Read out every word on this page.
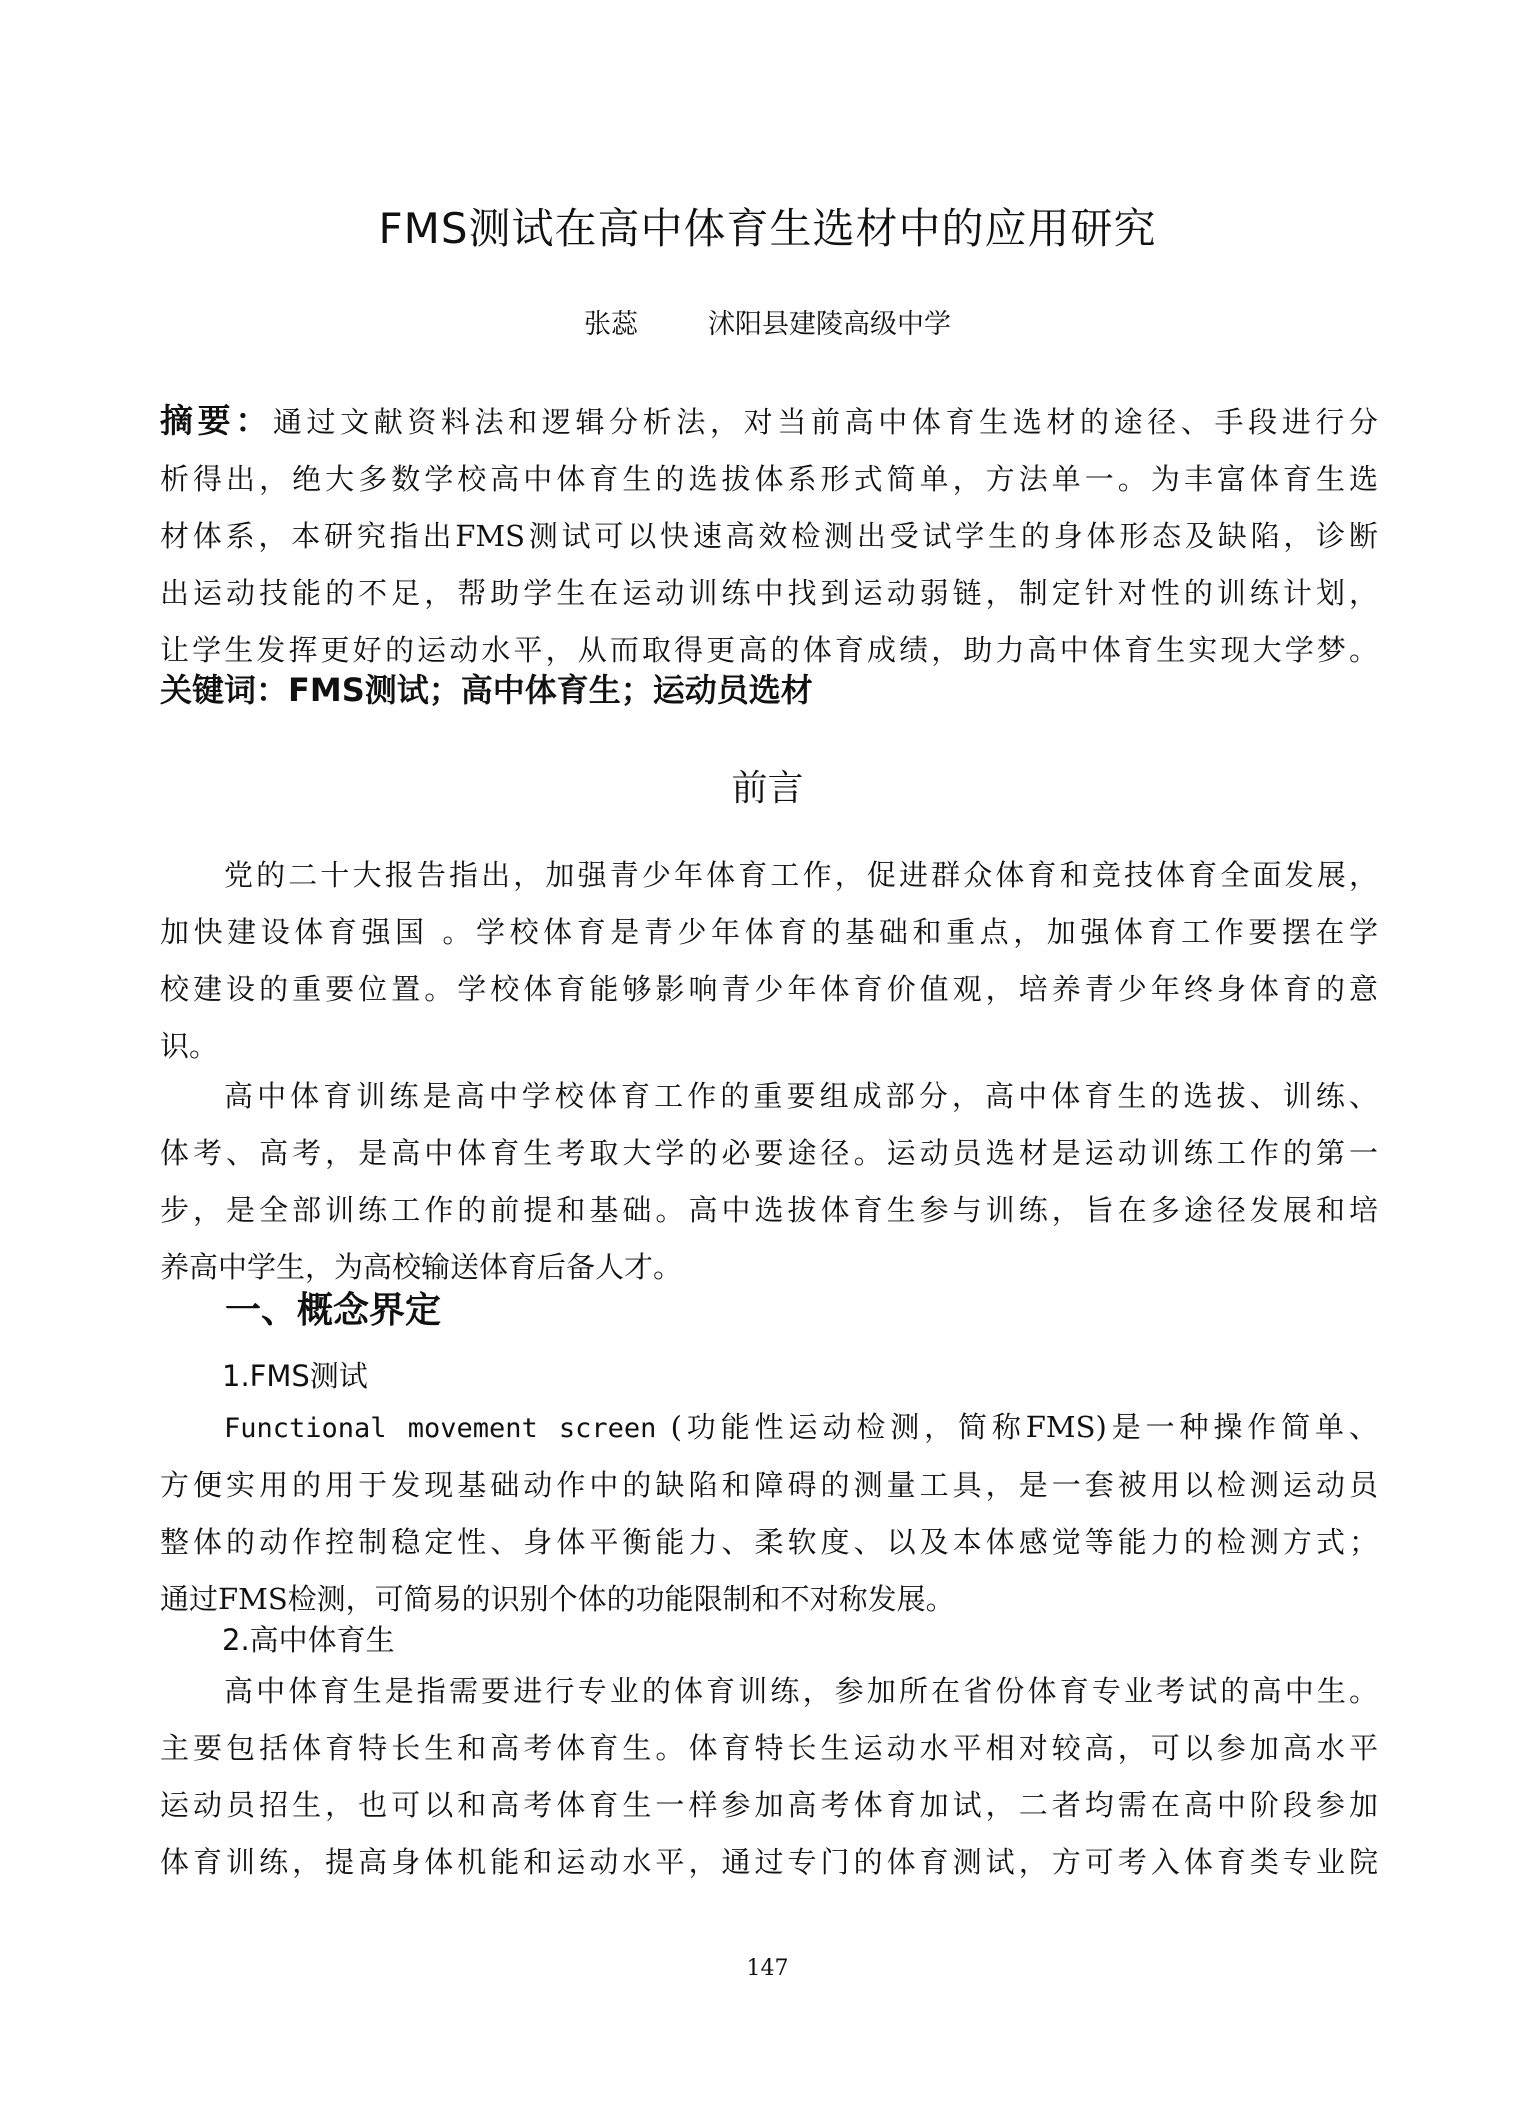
FMS测试在高中体育生选材中的应用研究
张蕊	沭阳县建陵高级中学
摘要：通过文献资料法和逻辑分析法，对当前高中体育生选材的途径、手段进行分
析得出，绝大多数学校高中体育生的选拔体系形式简单，方法单一。为丰富体育生选
材体系，本研究指出FMS测试可以快速高效检测出受试学生的身体形态及缺陷，诊断
出运动技能的不足，帮助学生在运动训练中找到运动弱链，制定针对性的训练计划，
让学生发挥更好的运动水平，从而取得更高的体育成绩，助力高中体育生实现大学梦。
关键词：FMS测试；高中体育生；运动员选材
前言
党的二十大报告指出，加强青少年体育工作，促进群众体育和竞技体育全面发展，
加快建设体育强国 。学校体育是青少年体育的基础和重点，加强体育工作要摆在学
校建设的重要位置。学校体育能够影响青少年体育价值观，培养青少年终身体育的意
识。
高中体育训练是高中学校体育工作的重要组成部分，高中体育生的选拔、训练、
体考、高考，是高中体育生考取大学的必要途径。运动员选材是运动训练工作的第一
步，是全部训练工作的前提和基础。高中选拔体育生参与训练，旨在多途径发展和培
养高中学生，为高校输送体育后备人才。
一、概念界定
1.FMS测试
Functional movement screen (功能性运动检测，简称FMS)是一种操作简单、
方便实用的用于发现基础动作中的缺陷和障碍的测量工具，是一套被用以检测运动员
整体的动作控制稳定性、身体平衡能力、柔软度、以及本体感觉等能力的检测方式；
通过FMS检测，可简易的识别个体的功能限制和不对称发展。
2.高中体育生
高中体育生是指需要进行专业的体育训练，参加所在省份体育专业考试的高中生。
主要包括体育特长生和高考体育生。体育特长生运动水平相对较高，可以参加高水平
运动员招生，也可以和高考体育生一样参加高考体育加试，二者均需在高中阶段参加
体育训练，提高身体机能和运动水平，通过专门的体育测试，方可考入体育类专业院
147
